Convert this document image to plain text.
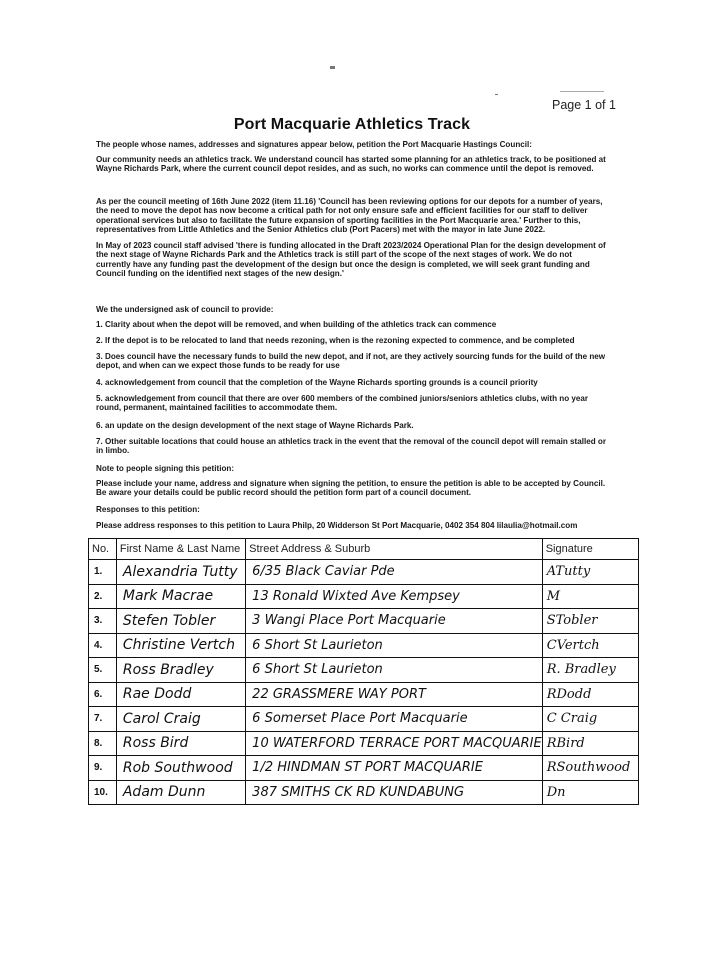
Page 1 of 1
Port Macquarie Athletics Track
The people whose names, addresses and signatures appear below, petition the Port Macquarie Hastings Council:
Our community needs an athletics track. We understand council has started some planning for an athletics track, to be positioned at Wayne Richards Park, where the current council depot resides, and as such, no works can commence until the depot is removed.
As per the council meeting of 16th June 2022 (item 11.16) 'Council has been reviewing options for our depots for a number of years, the need to move the depot has now become a critical path for not only ensure safe and efficient facilities for our staff to deliver operational services but also to facilitate the future expansion of sporting facilities in the Port Macquarie area.' Further to this, representatives from Little Athletics and the Senior Athletics club (Port Pacers) met with the mayor in late June 2022.
In May of 2023 council staff advised 'there is funding allocated in the Draft 2023/2024 Operational Plan for the design development of the next stage of Wayne Richards Park and the Athletics track is still part of the scope of the next stages of work. We do not currently have any funding past the development of the design but once the design is completed, we will seek grant funding and Council funding on the identified next stages of the new design.'
We the undersigned ask of council to provide:
1. Clarity about when the depot will be removed, and when building of the athletics track can commence
2. If the depot is to be relocated to land that needs rezoning, when is the rezoning expected to commence, and be completed
3. Does council have the necessary funds to build the new depot, and if not, are they actively sourcing funds for the build of the new depot, and when can we expect those funds to be ready for use
4. acknowledgement from council that the completion of the Wayne Richards sporting grounds is a council priority
5. acknowledgement from council that there are over 600 members of the combined juniors/seniors athletics clubs, with no year round, permanent, maintained facilities to accommodate them.
6. an update on the design development of the next stage of Wayne Richards Park.
7. Other suitable locations that could house an athletics track in the event that the removal of the council depot will remain stalled or in limbo.
Note to people signing this petition:
Please include your name, address and signature when signing the petition, to ensure the petition is able to be accepted by Council. Be aware your details could be public record should the petition form part of a council document.
Responses to this petition:
Please address responses to this petition to Laura Philp, 20 Widderson St Port Macquarie, 0402 354 804 lilaulia@hotmail.com
No.	First Name & Last Name	Street Address & Suburb	Signature
1.	Alexandria Tutty	6/35 Black Caviar Pde	ATutty
2.	Mark Macrae	13 Ronald Wixted Ave Kempsey	M
3.	Stefen Tobler	3 Wangi Place Port Macquarie	STobler
4.	Christine Vertch	6 Short St Laurieton	CVertch
5.	Ross Bradley	6 Short St Laurieton	R. Bradley
6.	Rae Dodd	22 GRASSMERE WAY PORT	RDodd
7.	Carol Craig	6 Somerset Place Port Macquarie	C Craig
8.	Ross Bird	10 WATERFORD TERRACE PORT MACQUARIE	RBird
9.	Rob Southwood	1/2 HINDMAN ST PORT MACQUARIE	RSouthwood
10.	Adam Dunn	387 SMITHS CK RD KUNDABUNG	Dn
